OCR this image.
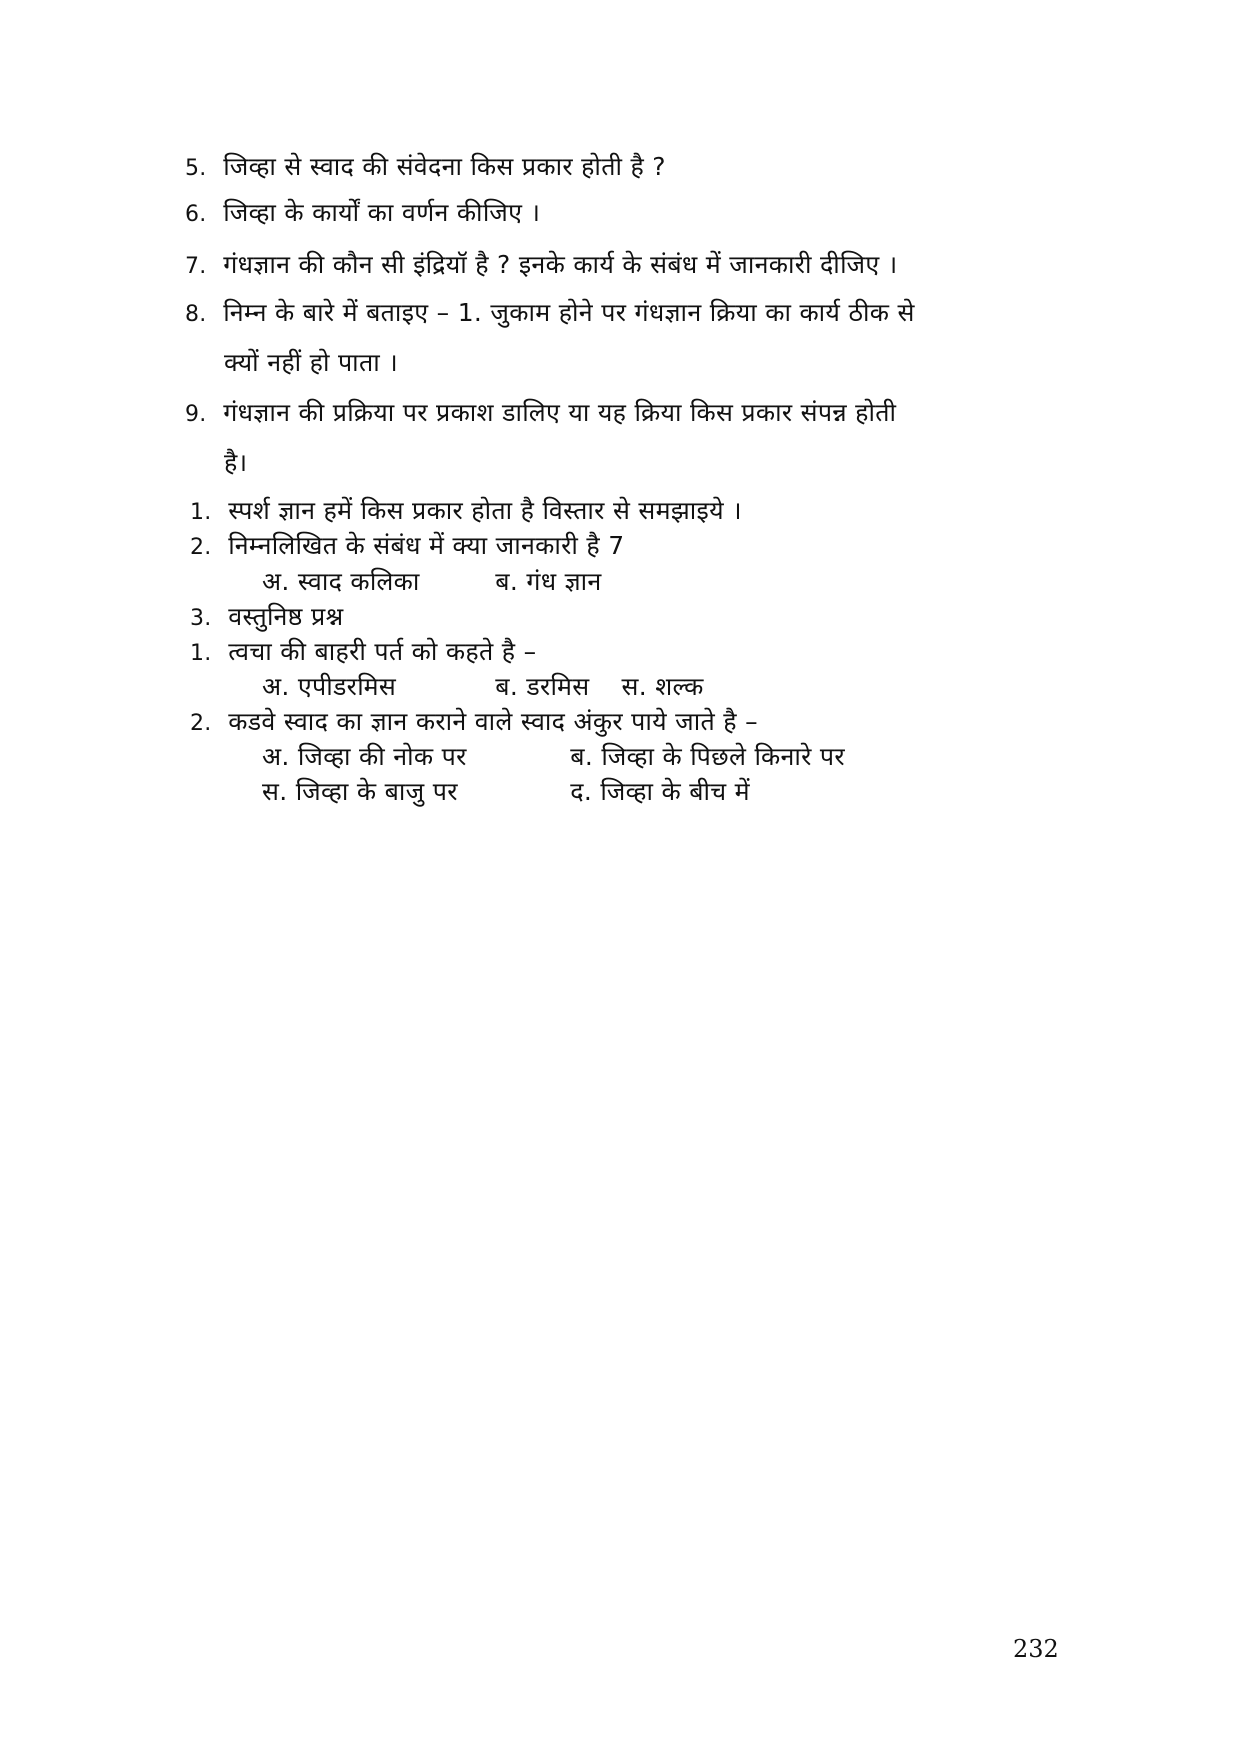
5. जिव्हा से स्वाद की संवेदना किस प्रकार होती है ?
6. जिव्हा के कार्यों का वर्णन कीजिए ।
7. गंधज्ञान की कौन सी इंद्रियॉ है ? इनके कार्य के संबंध में जानकारी दीजिए ।
8. निम्न के बारे में बताइए – 1. जुकाम होने पर गंधज्ञान क्रिया का कार्य ठीक से
क्यों नहीं हो पाता ।
9. गंधज्ञान की प्रक्रिया पर प्रकाश डालिए या यह क्रिया किस प्रकार संपन्न होती
है।
1. स्पर्श ज्ञान हमें किस प्रकार होता है विस्तार से समझाइये ।
2. निम्नलिखित के संबंध में क्या जानकारी है 7
अ. स्वाद कलिका	ब. गंध ज्ञान
3. वस्तुनिष्ठ प्रश्न
1. त्वचा की बाहरी पर्त को कहते है –
अ. एपीडरमिस	ब. डरमिस स. शल्क
2. कडवे स्वाद का ज्ञान कराने वाले स्वाद अंकुर पाये जाते है –
अ. जिव्हा की नोक पर	ब. जिव्हा के पिछले किनारे पर
स. जिव्हा के बाजु पर	द. जिव्हा के बीच में
232
